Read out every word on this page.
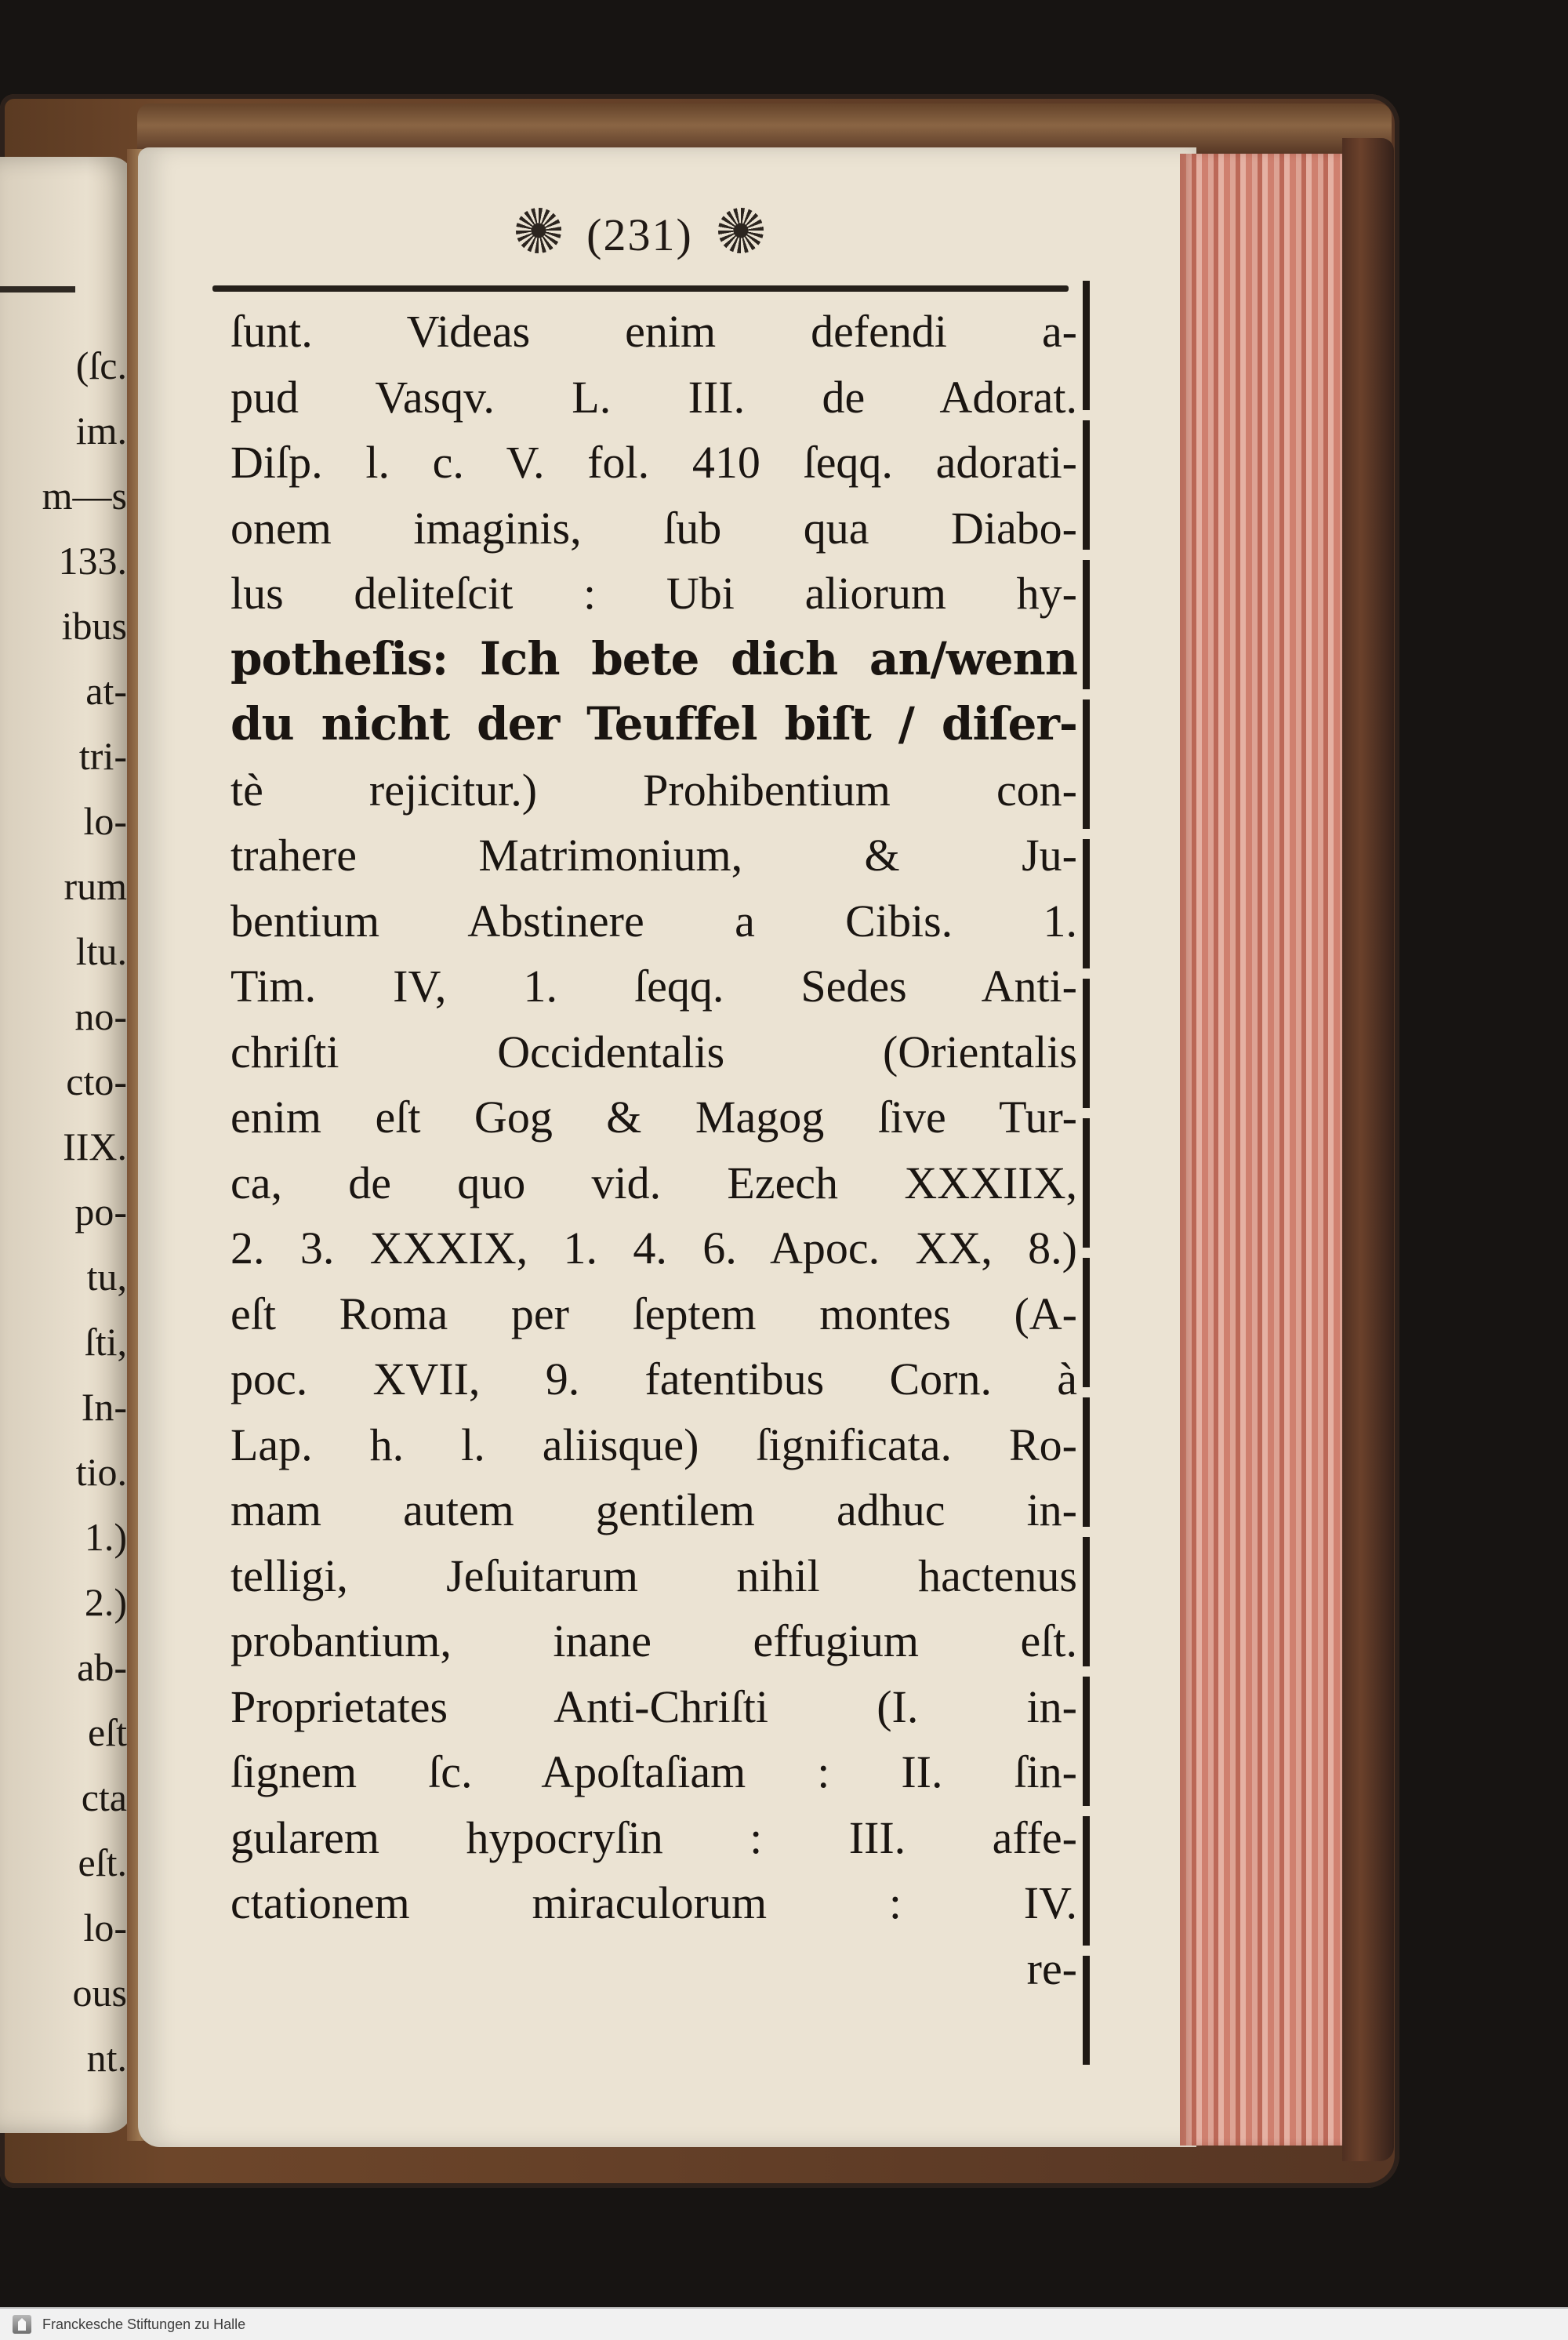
(ſc.
im.
m—s
133.
ibus
at-
tri-
lo-
rum
ltu.
no-
cto-
IIX.
po-
tu,
ſti,
In-
tio.
1.)
2.)
ab-
eſt
cta
eſt.
lo-
ous
nt.
(231)
ſunt. Videas enim defendi a-
pud Vasqv. L. III. de Adorat.
Diſp. l. c. V. fol. 410 ſeqq. adorati-
onem imaginis, ſub qua Diabo-
lus deliteſcit : Ubi aliorum hy-
potheſis: Ich bete dich an/wenn
du nicht der Teuffel biſt / diſer-
tè rejicitur.) Prohibentium con-
trahere Matrimonium, & Ju-
bentium Abstinere a Cibis. 1.
Tim. IV, 1. ſeqq. Sedes Anti-
chriſti Occidentalis (Orientalis
enim eſt Gog & Magog ſive Tur-
ca, de quo vid. Ezech XXXIIX,
2. 3. XXXIX, 1. 4. 6. Apoc. XX, 8.)
eſt Roma per ſeptem montes (A-
poc. XVII, 9. fatentibus Corn. à
Lap. h. l. aliisque) ſignificata. Ro-
mam autem gentilem adhuc in-
telligi, Jeſuitarum nihil hactenus
probantium, inane effugium eſt.
Proprietates Anti-Chriſti (I. in-
ſignem ſc. Apoſtaſiam : II. ſin-
gularem hypocryſin : III. affe-
ctationem miraculorum : IV.
re-
Franckesche Stiftungen zu Halle
